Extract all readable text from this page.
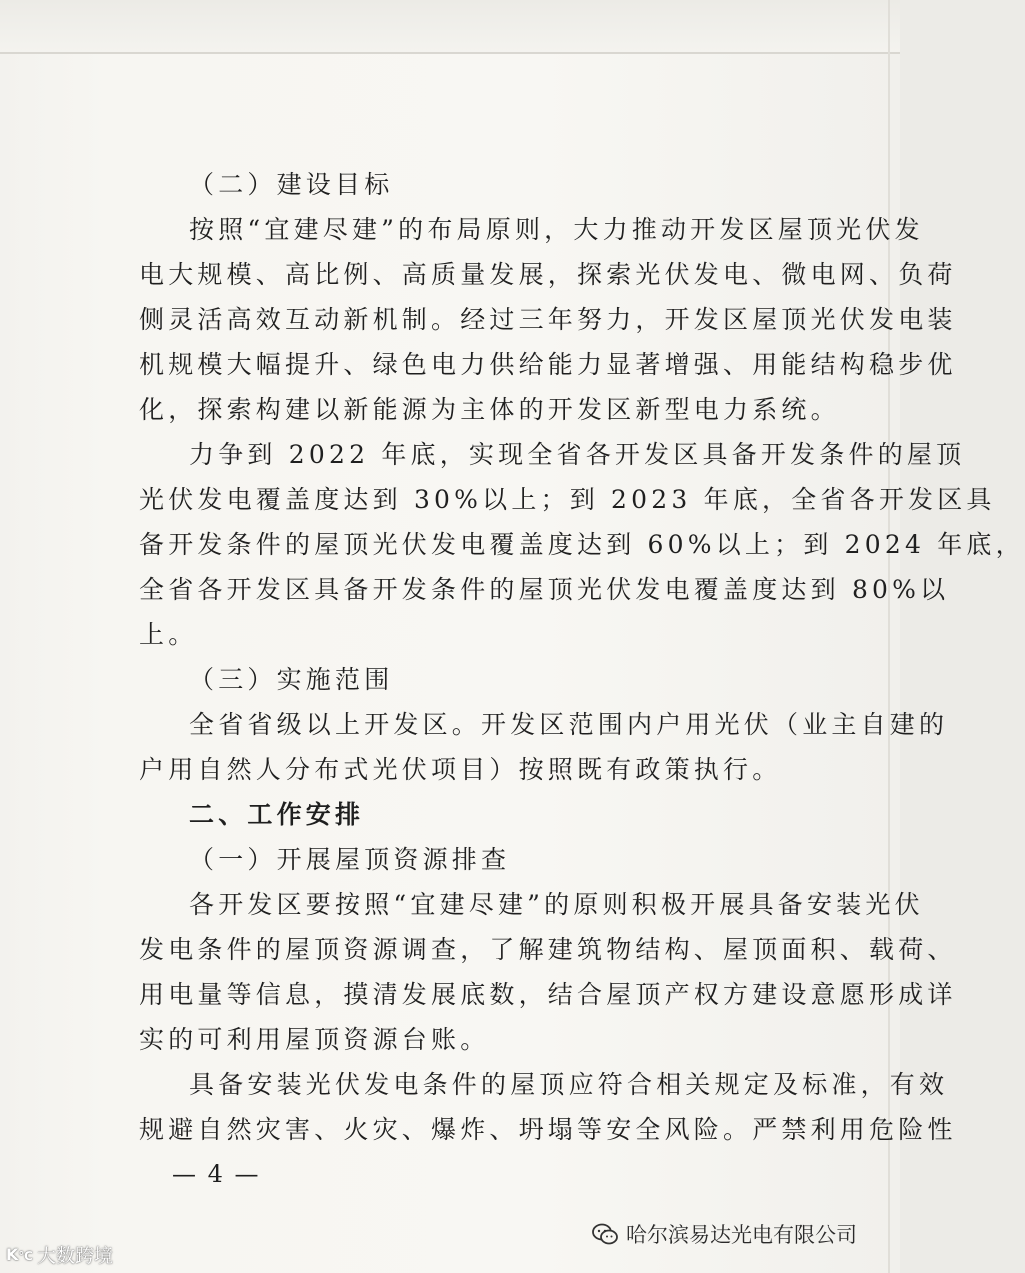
（二）建设目标
按照“宜建尽建”的布局原则，大力推动开发区屋顶光伏发
电大规模、高比例、高质量发展，探索光伏发电、微电网、负荷
侧灵活高效互动新机制。经过三年努力，开发区屋顶光伏发电装
机规模大幅提升、绿色电力供给能力显著增强、用能结构稳步优
化，探索构建以新能源为主体的开发区新型电力系统。
力争到 2022 年底，实现全省各开发区具备开发条件的屋顶
光伏发电覆盖度达到 30%以上；到 2023 年底，全省各开发区具
备开发条件的屋顶光伏发电覆盖度达到 60%以上；到 2024 年底，
全省各开发区具备开发条件的屋顶光伏发电覆盖度达到 80%以
上。
（三）实施范围
全省省级以上开发区。开发区范围内户用光伏（业主自建的
户用自然人分布式光伏项目）按照既有政策执行。
二、工作安排
（一）开展屋顶资源排查
各开发区要按照“宜建尽建”的原则积极开展具备安装光伏
发电条件的屋顶资源调查，了解建筑物结构、屋顶面积、载荷、
用电量等信息，摸清发展底数，结合屋顶产权方建设意愿形成详
实的可利用屋顶资源台账。
具备安装光伏发电条件的屋顶应符合相关规定及标准，有效
规避自然灾害、火灾、爆炸、坍塌等安全风险。严禁利用危险性
— 4 —
哈尔滨易达光电有限公司
K℃ 大数跨境
